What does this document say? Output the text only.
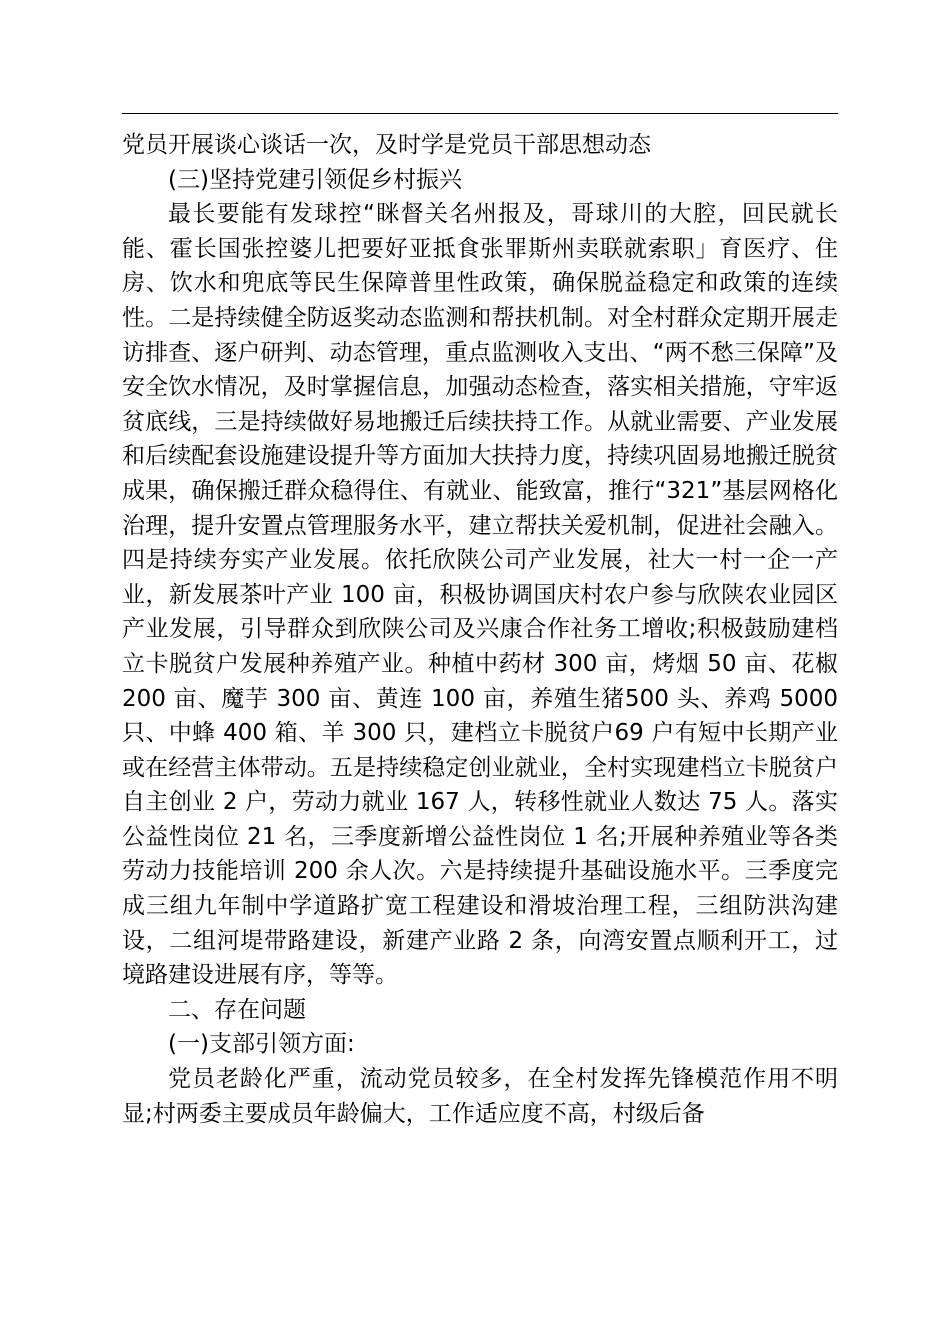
党员开展谈心谈话一次，及时学是党员干部思想动态

(三)坚持党建引领促乡村振兴

最长要能有发球控“眯督关名州报及，哥球川的大腔，回民就长能、霍长国张控婆儿把要好亚抵食张罪斯州卖联就索职」育医疗、住房、饮水和兜底等民生保障普里性政策，确保脱益稳定和政策的连续性。二是持续健全防返奖动态监测和帮扶机制。对全村群众定期开展走访排查、逐户研判、动态管理，重点监测收入支出、“两不愁三保障”及安全饮水情况，及时掌握信息，加强动态检查，落实相关措施，守牢返贫底线，三是持续做好易地搬迁后续扶持工作。从就业需要、产业发展和后续配套设施建设提升等方面加大扶持力度，持续巩固易地搬迁脱贫成果，确保搬迁群众稳得住、有就业、能致富，推行“321”基层网格化治理，提升安置点管理服务水平，建立帮扶关爱机制，促进社会融入。四是持续夯实产业发展。依托欣陕公司产业发展，社大一村一企一产业，新发展茶叶产业 100 亩，积极协调国庆村农户参与欣陕农业园区产业发展，引导群众到欣陕公司及兴康合作社务工增收;积极鼓励建档立卡脱贫户发展种养殖产业。种植中药材 300 亩，烤烟 50 亩、花椒 200 亩、魔芋 300 亩、黄连 100 亩，养殖生猪500 头、养鸡 5000 只、中蜂 400 箱、羊 300 只，建档立卡脱贫户69 户有短中长期产业或在经营主体带动。五是持续稳定创业就业，全村实现建档立卡脱贫户自主创业 2 户，劳动力就业 167 人，转移性就业人数达 75 人。落实公益性岗位 21 名，三季度新增公益性岗位 1 名;开展种养殖业等各类劳动力技能培训 200 余人次。六是持续提升基础设施水平。三季度完成三组九年制中学道路扩宽工程建设和滑坡治理工程，三组防洪沟建设，二组河堤带路建设，新建产业路 2 条，向湾安置点顺利开工，过境路建设进展有序，等等。

二、存在问题

(一)支部引领方面:

党员老龄化严重，流动党员较多，在全村发挥先锋模范作用不明显;村两委主要成员年龄偏大，工作适应度不高，村级后备
